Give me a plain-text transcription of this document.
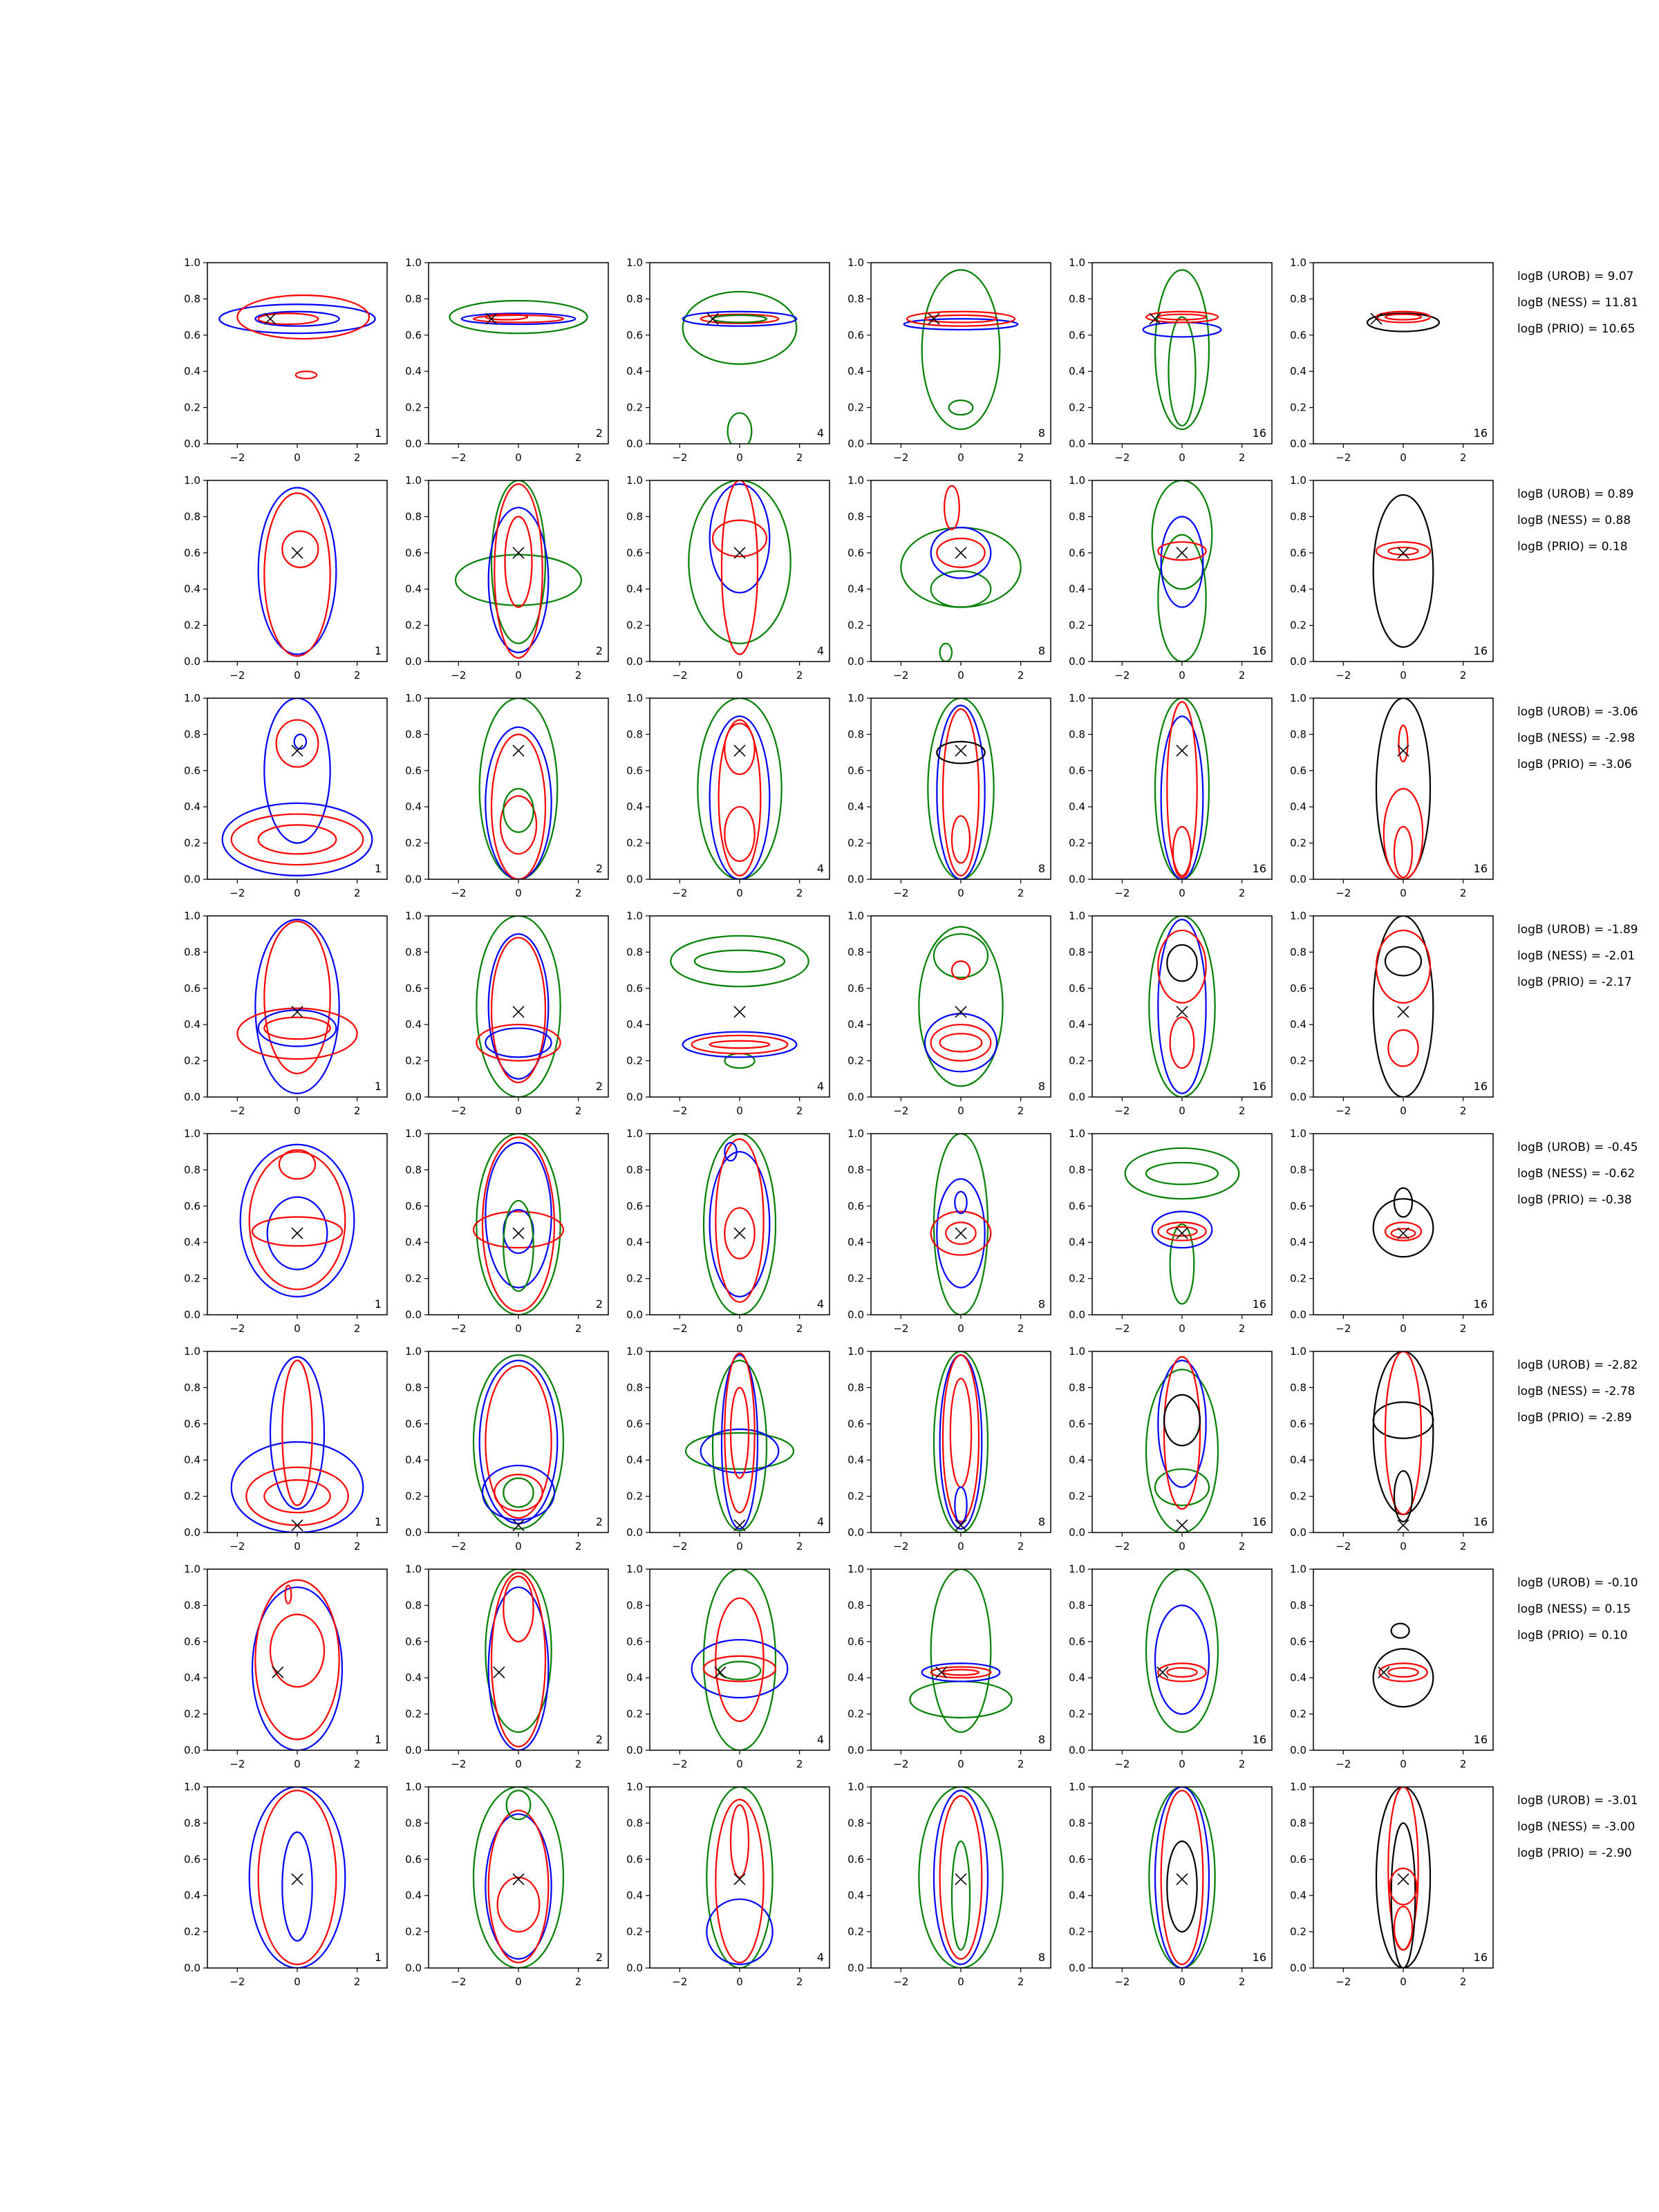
0.0
0.2
0.4
0.6
0.8
1.0
−2	0	2
1
0.0
0.2
0.4
0.6
0.8
1.0
−2	0	2
2
0.0
0.2
0.4
0.6
0.8
1.0
−2	0	2
4
0.0
0.2
0.4
0.6
0.8
1.0
−2	0	2
8
0.0
0.2
0.4
0.6
0.8
1.0
−2	0	2
16
0.0
0.2
0.4
0.6
0.8
1.0
−2	0	2
16
0.0
0.2
0.4
0.6
0.8
1.0
−2	0	2
1
0.0
0.2
0.4
0.6
0.8
1.0
−2	0	2
2
0.0
0.2
0.4
0.6
0.8
1.0
−2	0	2
4
0.0
0.2
0.4
0.6
0.8
1.0
−2	0	2
8
0.0
0.2
0.4
0.6
0.8
1.0
−2	0	2
16
0.0
0.2
0.4
0.6
0.8
1.0
−2	0	2
16
0.0
0.2
0.4
0.6
0.8
1.0
−2	0	2
1
0.0
0.2
0.4
0.6
0.8
1.0
−2	0	2
2
0.0
0.2
0.4
0.6
0.8
1.0
−2	0	2
4
0.0
0.2
0.4
0.6
0.8
1.0
−2	0	2
8
0.0
0.2
0.4
0.6
0.8
1.0
−2	0	2
16
0.0
0.2
0.4
0.6
0.8
1.0
−2	0	2
16
0.0
0.2
0.4
0.6
0.8
1.0
−2	0	2
1
0.0
0.2
0.4
0.6
0.8
1.0
−2	0	2
2
0.0
0.2
0.4
0.6
0.8
1.0
−2	0	2
4
0.0
0.2
0.4
0.6
0.8
1.0
−2	0	2
8
0.0
0.2
0.4
0.6
0.8
1.0
−2	0	2
16
0.0
0.2
0.4
0.6
0.8
1.0
−2	0	2
16
0.0
0.2
0.4
0.6
0.8
1.0
−2	0	2
1
0.0
0.2
0.4
0.6
0.8
1.0
−2	0	2
2
0.0
0.2
0.4
0.6
0.8
1.0
−2	0	2
4
0.0
0.2
0.4
0.6
0.8
1.0
−2	0	2
8
0.0
0.2
0.4
0.6
0.8
1.0
−2	0	2
16
0.0
0.2
0.4
0.6
0.8
1.0
−2	0	2
16
0.0
0.2
0.4
0.6
0.8
1.0
−2	0	2
1
0.0
0.2
0.4
0.6
0.8
1.0
−2	0	2
2
0.0
0.2
0.4
0.6
0.8
1.0
−2	0	2
4
0.0
0.2
0.4
0.6
0.8
1.0
−2	0	2
8
0.0
0.2
0.4
0.6
0.8
1.0
−2	0	2
16
0.0
0.2
0.4
0.6
0.8
1.0
−2	0	2
16
0.0
0.2
0.4
0.6
0.8
1.0
−2	0	2
1
0.0
0.2
0.4
0.6
0.8
1.0
−2	0	2
2
0.0
0.2
0.4
0.6
0.8
1.0
−2	0	2
4
0.0
0.2
0.4
0.6
0.8
1.0
−2	0	2
8
0.0
0.2
0.4
0.6
0.8
1.0
−2	0	2
16
0.0
0.2
0.4
0.6
0.8
1.0
−2	0	2
16
0.0
0.2
0.4
0.6
0.8
1.0
−2	0	2
1
0.0
0.2
0.4
0.6
0.8
1.0
−2	0	2
2
0.0
0.2
0.4
0.6
0.8
1.0
−2	0	2
4
0.0
0.2
0.4
0.6
0.8
1.0
−2	0	2
8
0.0
0.2
0.4
0.6
0.8
1.0
−2	0	2
16
0.0
0.2
0.4
0.6
0.8
1.0
−2	0	2
16
logB (UROB) = 9.07
logB (NESS) = 11.81
logB (PRIO) = 10.65
logB (UROB) = 0.89
logB (NESS) = 0.88
logB (PRIO) = 0.18
logB (UROB) = -3.06
logB (NESS) = -2.98
logB (PRIO) = -3.06
logB (UROB) = -1.89
logB (NESS) = -2.01
logB (PRIO) = -2.17
logB (UROB) = -0.45
logB (NESS) = -0.62
logB (PRIO) = -0.38
logB (UROB) = -2.82
logB (NESS) = -2.78
logB (PRIO) = -2.89
logB (UROB) = -0.10
logB (NESS) = 0.15
logB (PRIO) = 0.10
logB (UROB) = -3.01
logB (NESS) = -3.00
logB (PRIO) = -2.90
